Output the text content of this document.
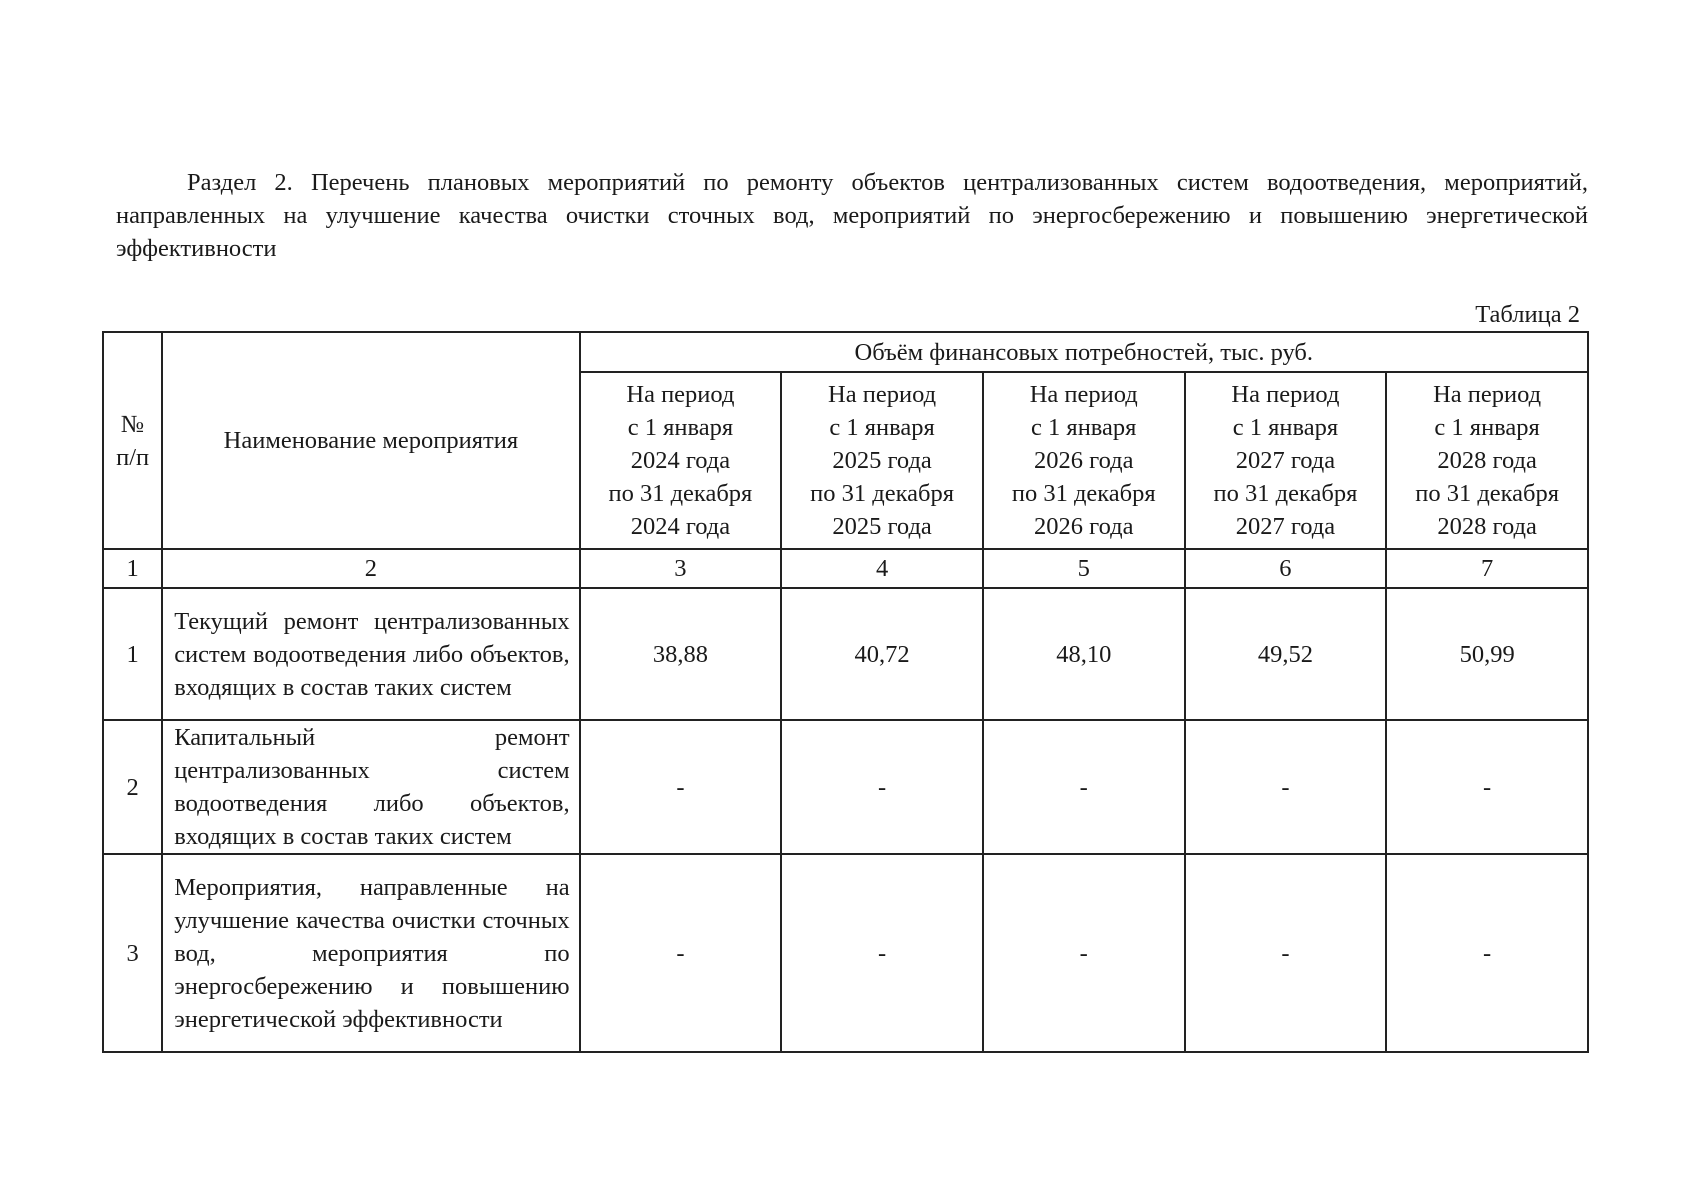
Раздел 2. Перечень плановых мероприятий по ремонту объектов централизованных систем водоотведения, мероприятий, направленных на улучшение качества очистки сточных вод, мероприятий по энергосбережению и повышению энергетической эффективности

Таблица 2

№ п/п	Наименование мероприятия	Объём финансовых потребностей, тыс. руб.				

		На период
с 1 января
2024 года
по 31 декабря
2024 года	На период
с 1 января
2025 года
по 31 декабря
2025 года	На период
с 1 января
2026 года
по 31 декабря
2026 года	На период
с 1 января
2027 года
по 31 декабря
2027 года	На период
с 1 января
2028 года
по 31 декабря
2028 года

1	2	3	4	5	6	7
1	Текущий ремонт централизованных систем водоотведения либо объектов, входящих в состав таких систем	38,88	40,72	48,10	49,52	50,99
2	Капитальный ремонт централизованных систем водоотведения либо объектов, входящих в состав таких систем	-	-	-	-	-
3	Мероприятия, направленные на улучшение качества очистки сточных вод, мероприятия по энергосбережению и повышению энергетической эффективности	-	-	-	-	-
